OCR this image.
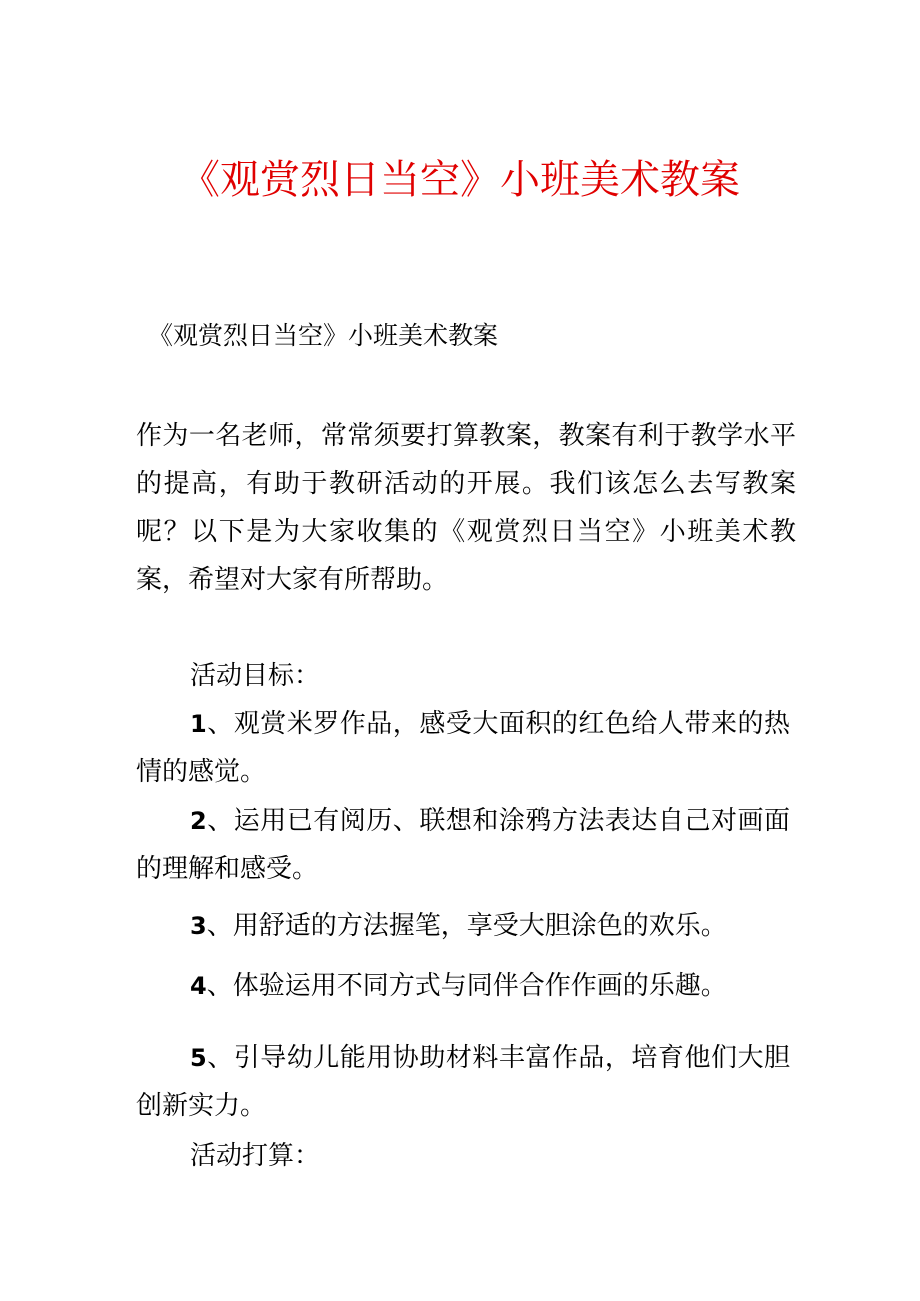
《观赏烈日当空》小班美术教案
《观赏烈日当空》小班美术教案
作为一名老师，常常须要打算教案，教案有利于教学水平的提高，有助于教研活动的开展。我们该怎么去写教案呢？以下是为大家收集的《观赏烈日当空》小班美术教案，希望对大家有所帮助。
活动目标：
1、观赏米罗作品，感受大面积的红色给人带来的热情的感觉。
2、运用已有阅历、联想和涂鸦方法表达自己对画面的理解和感受。
3、用舒适的方法握笔，享受大胆涂色的欢乐。
4、体验运用不同方式与同伴合作作画的乐趣。
5、引导幼儿能用协助材料丰富作品，培育他们大胆创新实力。
活动打算：
